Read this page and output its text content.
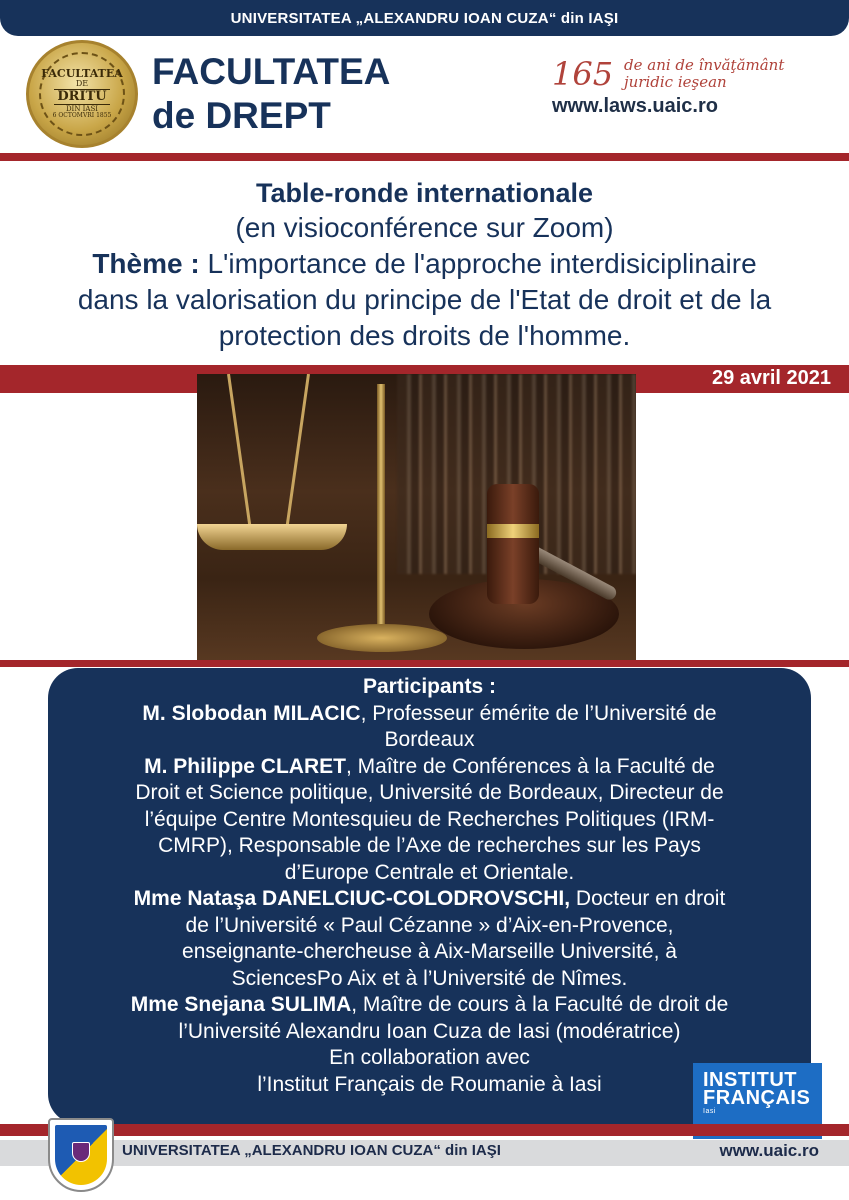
UNIVERSITATEA „ALEXANDRU IOAN CUZA“ din IAŞI
FACULTATEA
DE
DRITU
DIN IASI
6 OCTOMVRI 1855
FACULTATEA
de DREPT
165 de ani de învăţământ
juridic ieşean
www.laws.uaic.ro
Table-ronde internationale
(en visioconférence sur Zoom)
Thème : L'importance de l'approche interdisiciplinaire
dans la valorisation du principe de l'Etat de droit et de la
protection des droits de l'homme.
29 avril 2021
Participants :
M. Slobodan MILACIC, Professeur émérite de l’Université de
Bordeaux
M. Philippe CLARET, Maître de Conférences à la Faculté de
Droit et Science politique, Université de Bordeaux, Directeur de
l’équipe Centre Montesquieu de Recherches Politiques (IRM-
CMRP), Responsable de l’Axe de recherches sur les Pays
d’Europe Centrale et Orientale.
Mme Nataşa DANELCIUC-COLODROVSCHI, Docteur en droit
de l’Université « Paul Cézanne » d’Aix-en-Provence,
enseignante-chercheuse à Aix-Marseille Université, à
SciencesPo Aix et à l’Université de Nîmes.
Mme Snejana SULIMA, Maître de cours à la Faculté de droit de
l’Université Alexandru Ioan Cuza de Iasi (modératrice)
En collaboration avec
l’Institut Français de Roumanie à Iasi	INSTITUT
FRANÇAIS
Iasi
UNIVERSITATEA „ALEXANDRU IOAN CUZA“ din IAŞI	www.uaic.ro
